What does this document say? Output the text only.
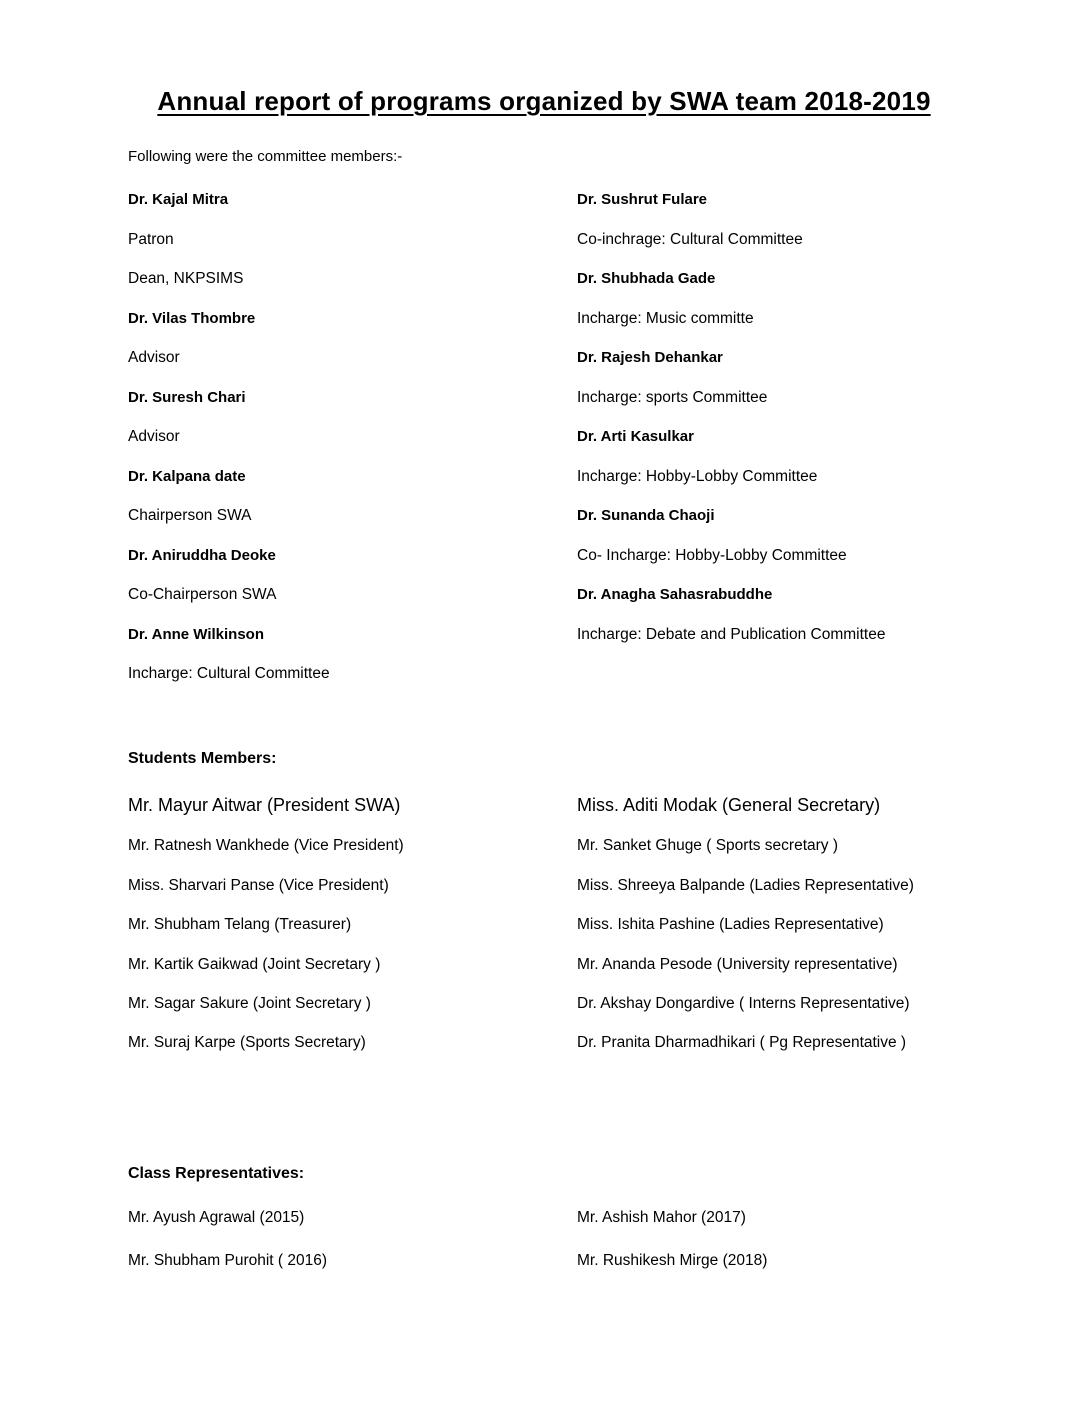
Annual report of programs organized by SWA team 2018-2019
Following were the committee members:-
Dr. Kajal Mitra
Patron
Dean, NKPSIMS
Dr. Vilas Thombre
Advisor
Dr. Suresh Chari
Advisor
Dr. Kalpana date
Chairperson SWA
Dr. Aniruddha Deoke
Co-Chairperson SWA
Dr. Anne Wilkinson
Incharge: Cultural Committee
Dr. Sushrut Fulare
Co-inchrage: Cultural Committee
Dr. Shubhada Gade
Incharge: Music committe
Dr. Rajesh Dehankar
Incharge: sports Committee
Dr. Arti Kasulkar
Incharge: Hobby-Lobby Committee
Dr. Sunanda Chaoji
Co- Incharge: Hobby-Lobby Committee
Dr. Anagha Sahasrabuddhe
Incharge: Debate and Publication Committee
Students Members:
Mr. Mayur Aitwar (President SWA)
Mr. Ratnesh Wankhede (Vice President)
Miss. Sharvari Panse (Vice President)
Mr. Shubham Telang (Treasurer)
Mr. Kartik Gaikwad (Joint Secretary )
Mr. Sagar Sakure (Joint Secretary )
Mr. Suraj Karpe (Sports Secretary)
Miss. Aditi Modak (General Secretary)
Mr. Sanket Ghuge ( Sports secretary )
Miss. Shreeya Balpande (Ladies Representative)
Miss. Ishita Pashine (Ladies Representative)
Mr. Ananda Pesode (University representative)
Dr. Akshay Dongardive ( Interns Representative)
Dr. Pranita Dharmadhikari ( Pg Representative )
Class Representatives:
Mr. Ayush Agrawal (2015)
Mr. Shubham Purohit ( 2016)
Mr. Ashish Mahor (2017)
Mr. Rushikesh Mirge (2018)
